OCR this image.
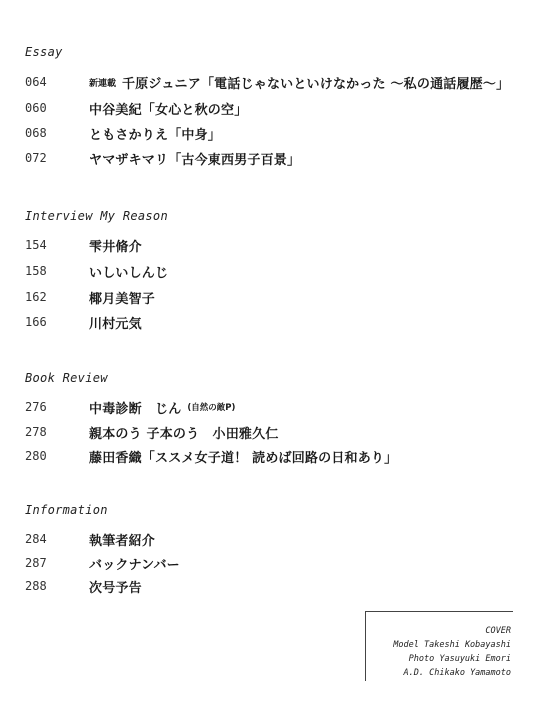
Essay
064	新連載 千原ジュニア「電話じゃないといけなかった 〜私の通話履歴〜」
060	中谷美紀「女心と秋の空」
068	ともさかりえ「中身」
072	ヤマザキマリ「古今東西男子百景」
Interview My Reason
154	雫井脩介
158	いしいしんじ
162	椰月美智子
166	川村元気
Book Review
276	中毒診断　じん (自然の敵P)
278	親本のう 子本のう　小田雅久仁
280	藤田香織「ススメ女子道！ 読めば回路の日和あり」
Information
284	執筆者紹介
287	バックナンバー
288	次号予告
COVER
Model Takeshi Kobayashi
Photo Yasuyuki Emori
A.D. Chikako Yamamoto
